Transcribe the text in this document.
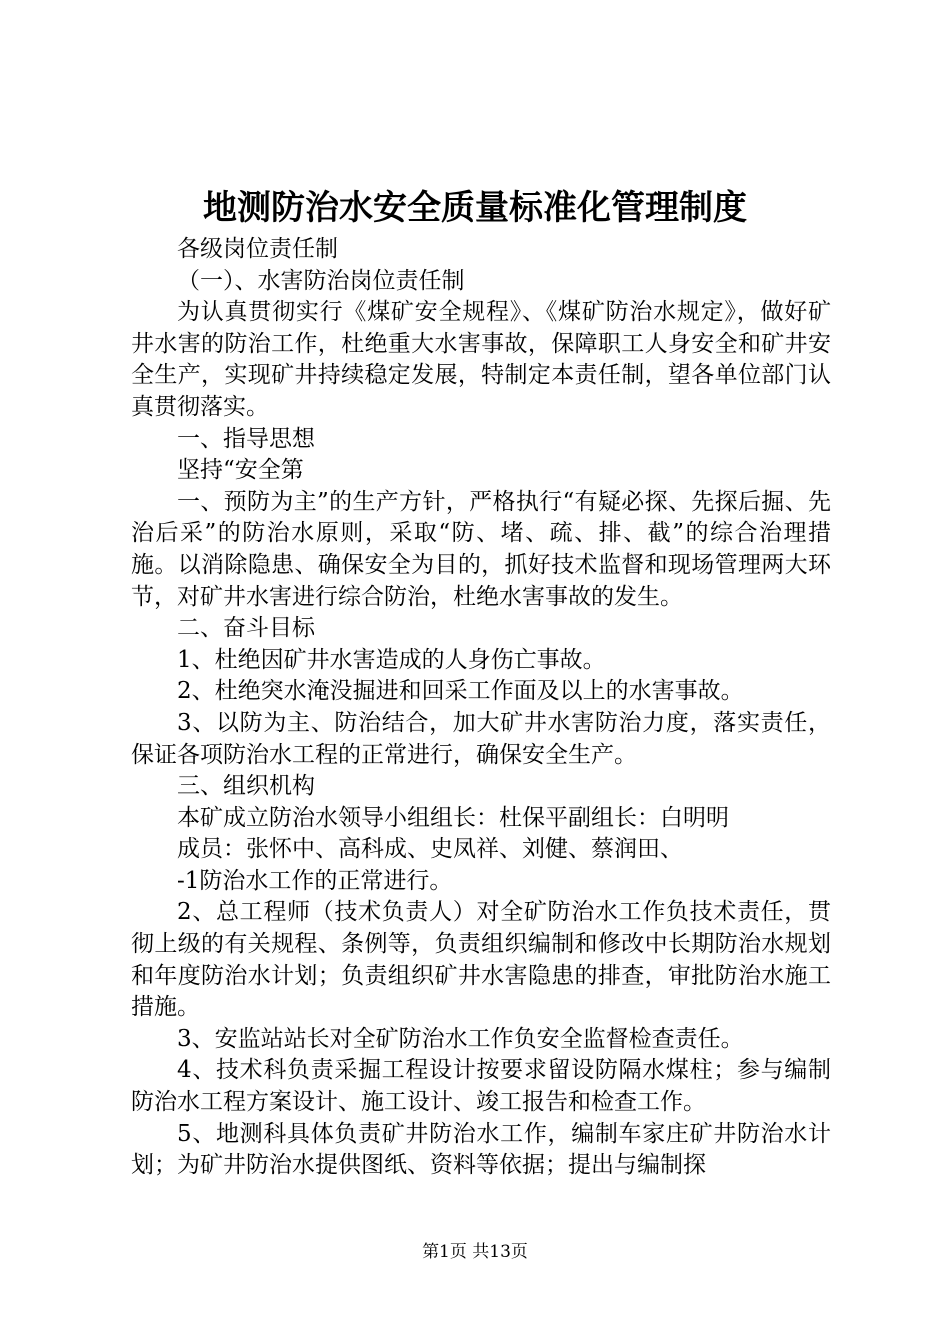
地测防治水安全质量标准化管理制度

各级岗位责任制

（一）、水害防治岗位责任制

为认真贯彻实行《煤矿安全规程》、《煤矿防治水规定》，做好矿井水害的防治工作，杜绝重大水害事故，保障职工人身安全和矿井安全生产，实现矿井持续稳定发展，特制定本责任制，望各单位部门认真贯彻落实。

一、指导思想

坚持“安全第

一、预防为主”的生产方针，严格执行“有疑必探、先探后掘、先治后采”的防治水原则，采取“防、堵、疏、排、截”的综合治理措施。以消除隐患、确保安全为目的，抓好技术监督和现场管理两大环节，对矿井水害进行综合防治，杜绝水害事故的发生。

二、奋斗目标

1、杜绝因矿井水害造成的人身伤亡事故。

2、杜绝突水淹没掘进和回采工作面及以上的水害事故。

3、以防为主、防治结合，加大矿井水害防治力度，落实责任，保证各项防治水工程的正常进行，确保安全生产。

三、组织机构

本矿成立防治水领导小组组长：杜保平副组长：白明明

成员：张怀中、高科成、史凤祥、刘健、蔡润田、

-1防治水工作的正常进行。

2、总工程师（技术负责人）对全矿防治水工作负技术责任，贯彻上级的有关规程、条例等，负责组织编制和修改中长期防治水规划和年度防治水计划；负责组织矿井水害隐患的排查，审批防治水施工措施。

3、安监站站长对全矿防治水工作负安全监督检查责任。

4、技术科负责采掘工程设计按要求留设防隔水煤柱；参与编制防治水工程方案设计、施工设计、竣工报告和检查工作。

5、地测科具体负责矿井防治水工作，编制车家庄矿井防治水计划；为矿井防治水提供图纸、资料等依据；提出与编制探

第1页 共13页
